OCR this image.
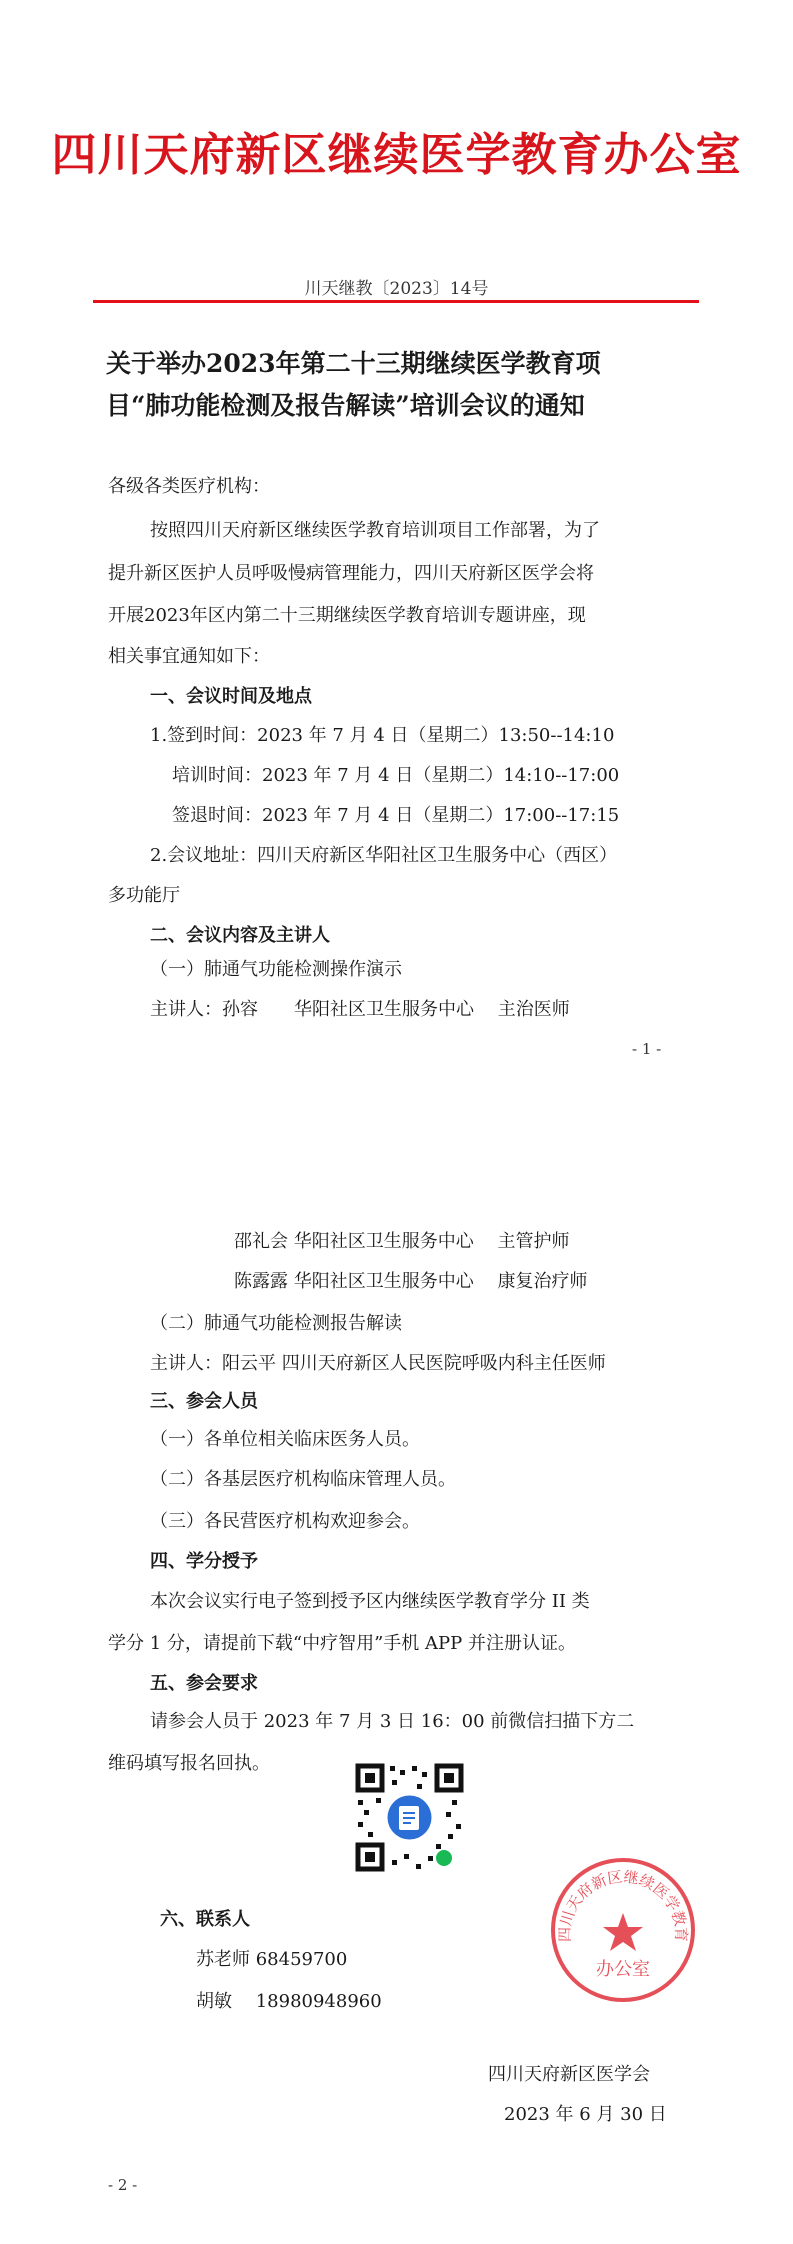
四川天府新区继续医学教育办公室
川天继教〔2023〕14号
关于举办2023年第二十三期继续医学教育项
目“肺功能检测及报告解读”培训会议的通知
各级各类医疗机构：
按照四川天府新区继续医学教育培训项目工作部署，为了
提升新区医护人员呼吸慢病管理能力，四川天府新区医学会将
开展2023年区内第二十三期继续医学教育培训专题讲座，现
相关事宜通知如下：
一、会议时间及地点
1.签到时间：2023 年 7 月 4 日（星期二）13:50--14:10
培训时间：2023 年 7 月 4 日（星期二）14:10--17:00
签退时间：2023 年 7 月 4 日（星期二）17:00--17:15
2.会议地址：四川天府新区华阳社区卫生服务中心（西区）
多功能厅
二、会议内容及主讲人
（一）肺通气功能检测操作演示
主讲人：孙容　　华阳社区卫生服务中心　 主治医师
- 1 -
邵礼会 华阳社区卫生服务中心　 主管护师
陈露露 华阳社区卫生服务中心　 康复治疗师
（二）肺通气功能检测报告解读
主讲人：阳云平 四川天府新区人民医院呼吸内科主任医师
三、参会人员
（一）各单位相关临床医务人员。
（二）各基层医疗机构临床管理人员。
（三）各民营医疗机构欢迎参会。
四、学分授予
本次会议实行电子签到授予区内继续医学教育学分 II 类
学分 1 分，请提前下载“中疗智用”手机 APP 并注册认证。
五、参会要求
请参会人员于 2023 年 7 月 3 日 16：00 前微信扫描下方二
维码填写报名回执。
六、联系人
苏老师 68459700
胡敏　 18980948960
四川天府新区继续医学教育
办公室
四川天府新区医学会
2023 年 6 月 30 日
- 2 -
